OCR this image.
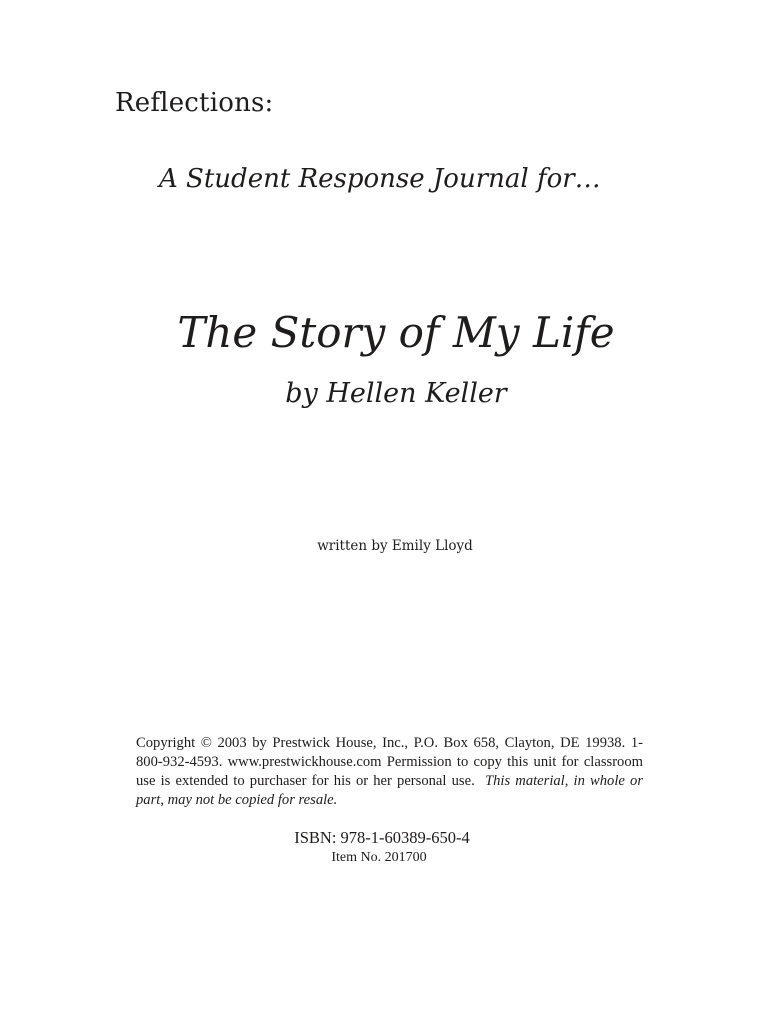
Reflections:
A Student Response Journal for…
The Story of My Life
by Hellen Keller
written by Emily Lloyd
Copyright © 2003 by Prestwick House, Inc., P.O. Box 658, Clayton, DE 19938. 1-800-932-4593. www.prestwickhouse.com Permission to copy this unit for classroom use is extended to purchaser for his or her personal use. This material, in whole or part, may not be copied for resale.
ISBN: 978-1-60389-650-4
Item No. 201700
